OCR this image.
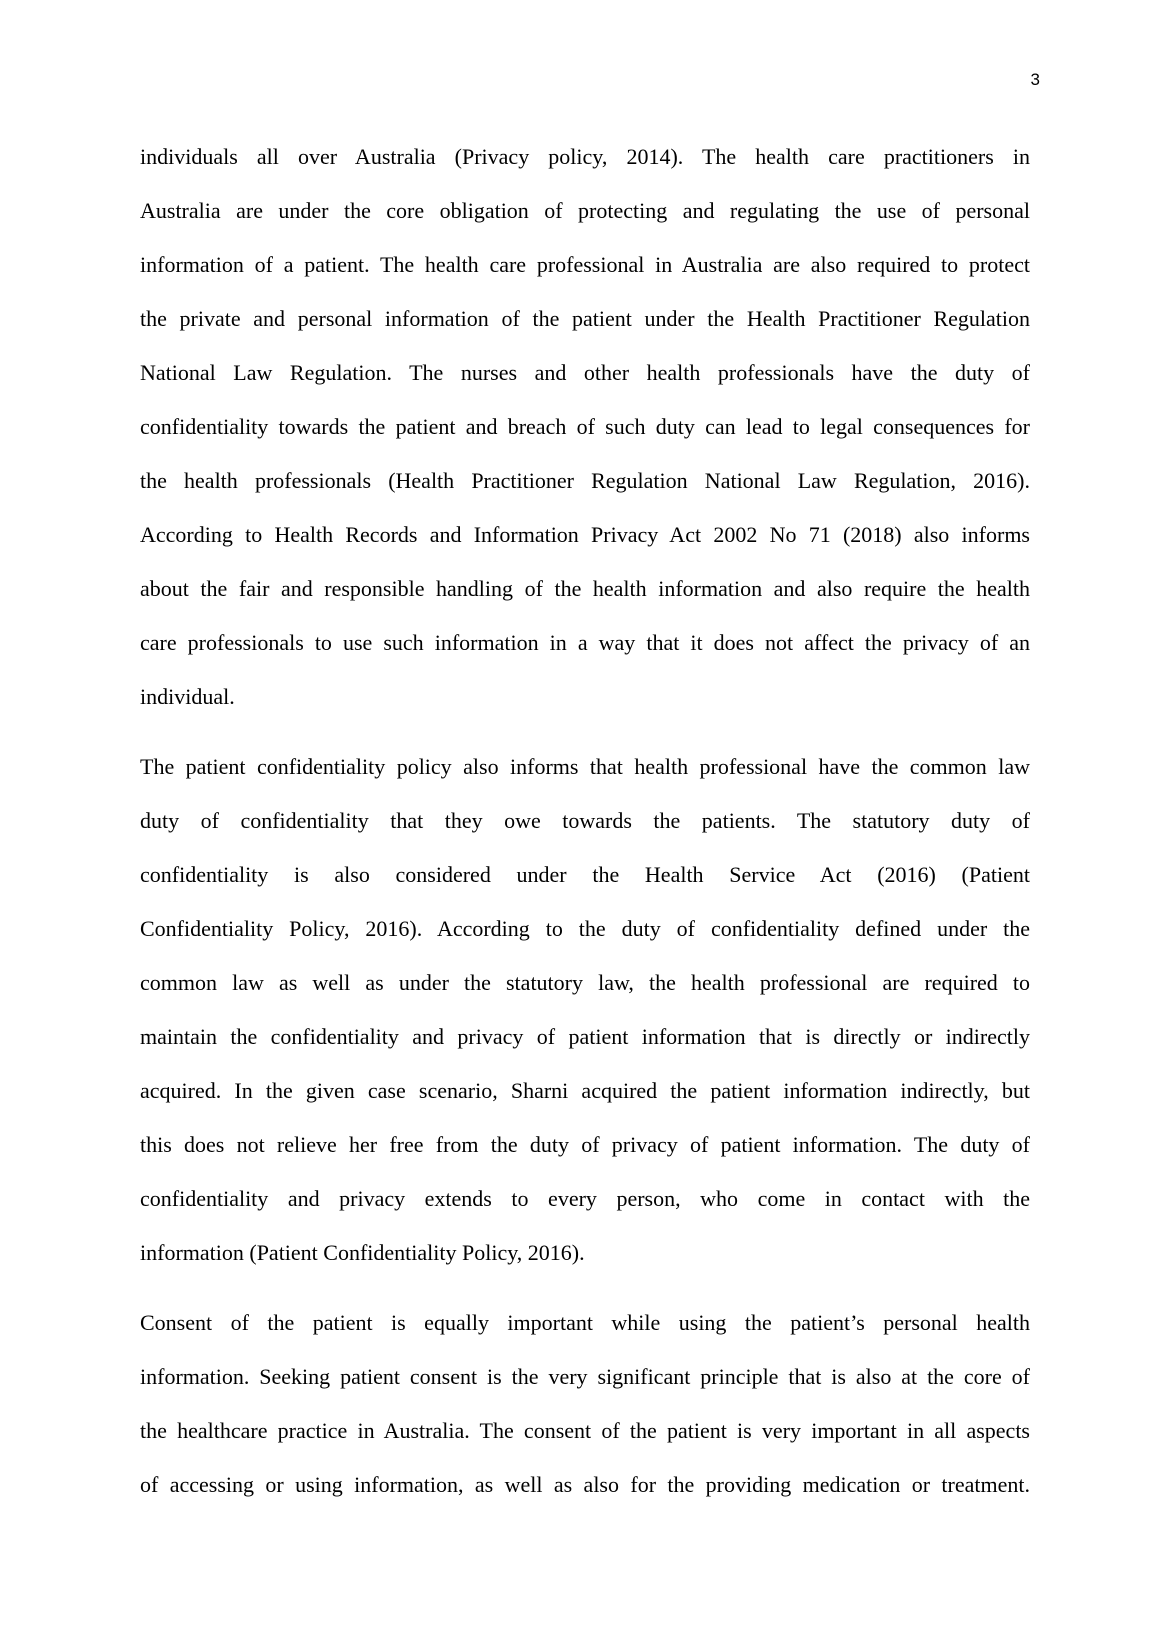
3
individuals all over Australia (Privacy policy, 2014). The health care practitioners in
Australia are under the core obligation of protecting and regulating the use of personal
information of a patient. The health care professional in Australia are also required to protect
the private and personal information of the patient under the Health Practitioner Regulation
National Law Regulation. The nurses and other health professionals have the duty of
confidentiality towards the patient and breach of such duty can lead to legal consequences for
the health professionals (Health Practitioner Regulation National Law Regulation, 2016).
According to Health Records and Information Privacy Act 2002 No 71 (2018) also informs
about the fair and responsible handling of the health information and also require the health
care professionals to use such information in a way that it does not affect the privacy of an
individual.
The patient confidentiality policy also informs that health professional have the common law
duty of confidentiality that they owe towards the patients. The statutory duty of
confidentiality is also considered under the Health Service Act (2016) (Patient
Confidentiality Policy, 2016). According to the duty of confidentiality defined under the
common law as well as under the statutory law, the health professional are required to
maintain the confidentiality and privacy of patient information that is directly or indirectly
acquired. In the given case scenario, Sharni acquired the patient information indirectly, but
this does not relieve her free from the duty of privacy of patient information. The duty of
confidentiality and privacy extends to every person, who come in contact with the
information (Patient Confidentiality Policy, 2016).
Consent of the patient is equally important while using the patient’s personal health
information. Seeking patient consent is the very significant principle that is also at the core of
the healthcare practice in Australia. The consent of the patient is very important in all aspects
of accessing or using information, as well as also for the providing medication or treatment.
